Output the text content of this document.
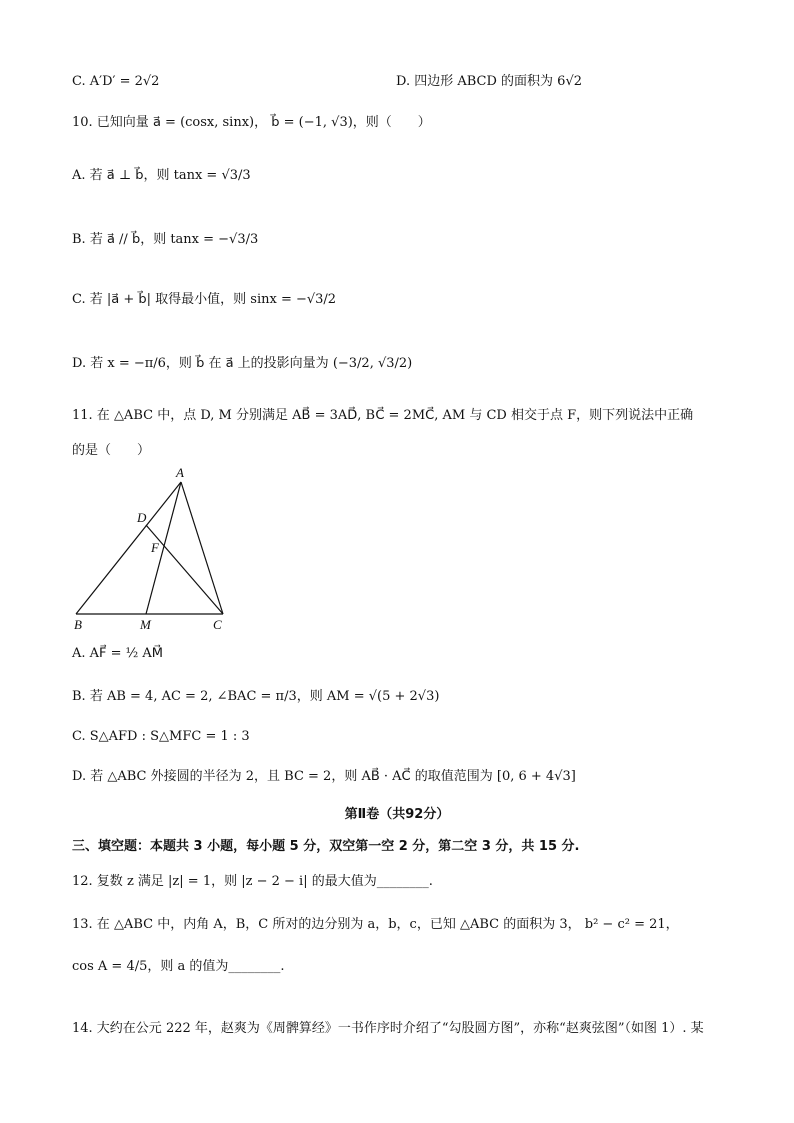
C. A′D′ = 2√2	D. 四边形 ABCD 的面积为 6√2
10. 已知向量 a⃗ = (cosx, sinx)， b⃗ = (−1, √3)，则（　　）
A. 若 a⃗ ⊥ b⃗，则 tanx = √3/3
B. 若 a⃗ // b⃗，则 tanx = −√3/3
C. 若 |a⃗ + b⃗| 取得最小值，则 sinx = −√3/2
D. 若 x = −π/6，则 b⃗ 在 a⃗ 上的投影向量为 (−3/2, √3/2)
11. 在 △ABC 中，点 D, M 分别满足 AB⃗ = 3AD⃗, BC⃗ = 2MC⃗, AM 与 CD 相交于点 F，则下列说法中正确
的是（　　）
A
B	C
D
M
F
A. AF⃗ = ½ AM⃗
B. 若 AB = 4, AC = 2, ∠BAC = π/3，则 AM = √(5 + 2√3)
C. S△AFD : S△MFC = 1 : 3
D. 若 △ABC 外接圆的半径为 2，且 BC = 2，则 AB⃗ · AC⃗ 的取值范围为 [0, 6 + 4√3]
第Ⅱ卷（共92分）
三、填空题：本题共 3 小题，每小题 5 分，双空第一空 2 分，第二空 3 分，共 15 分.
12. 复数 z 满足 |z| = 1，则 |z − 2 − i| 的最大值为________.
13. 在 △ABC 中，内角 A，B，C 所对的边分别为 a，b，c，已知 △ABC 的面积为 3， b² − c² = 21，
cos A = 4/5，则 a 的值为________.
14. 大约在公元 222 年，赵爽为《周髀算经》一书作序时介绍了“勾股圆方图”，亦称“赵爽弦图”（如图 1）. 某
